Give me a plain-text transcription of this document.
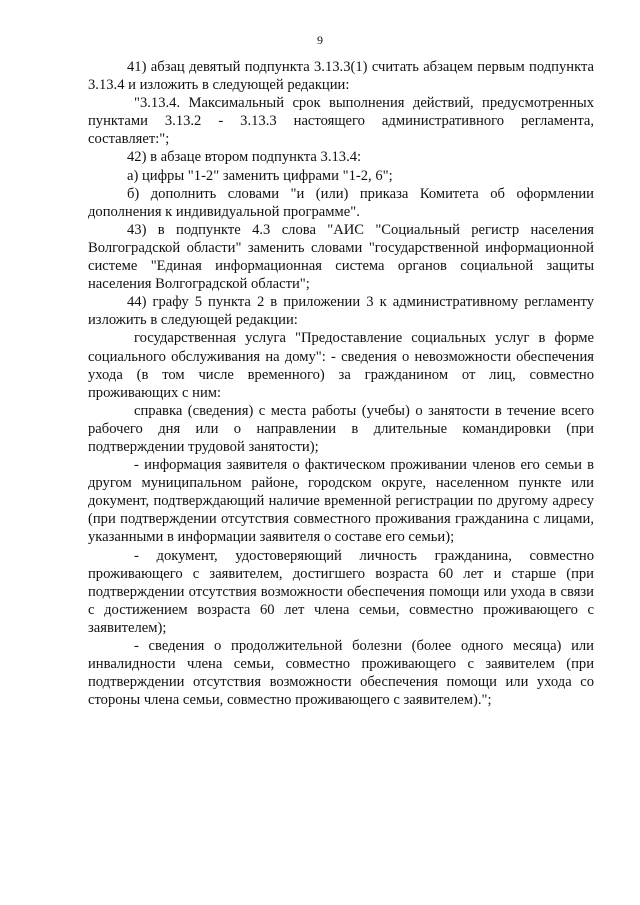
9

41) абзац девятый подпункта 3.13.3(1) считать абзацем первым подпункта 3.13.4 и изложить в следующей редакции:

"3.13.4. Максимальный срок выполнения действий, предусмотренных пунктами 3.13.2 - 3.13.3 настоящего административного регламента, составляет:";

42) в абзаце втором подпункта 3.13.4:

а) цифры "1-2" заменить цифрами "1-2, 6";

б) дополнить словами "и (или) приказа Комитета об оформлении дополнения к индивидуальной программе".

43) в подпункте 4.3 слова "АИС "Социальный регистр населения Волгоградской области" заменить словами "государственной информационной системе "Единая информационная система органов социальной защиты населения Волгоградской области";

44) графу 5 пункта 2 в приложении 3 к административному регламенту изложить в следующей редакции:

государственная услуга "Предоставление социальных услуг в форме социального обслуживания на дому": - сведения о невозможности обеспечения ухода (в том числе временного) за гражданином от лиц, совместно проживающих с ним:

справка (сведения) с места работы (учебы) о занятости в течение всего рабочего дня или о направлении в длительные командировки (при подтверждении трудовой занятости);

- информация заявителя о фактическом проживании членов его семьи в другом муниципальном районе, городском округе, населенном пункте или документ, подтверждающий наличие временной регистрации по другому адресу (при подтверждении отсутствия совместного проживания гражданина с лицами, указанными в информации заявителя о составе его семьи);

- документ, удостоверяющий личность гражданина, совместно проживающего с заявителем, достигшего возраста 60 лет и старше (при подтверждении отсутствия возможности обеспечения помощи или ухода в связи с достижением возраста 60 лет члена семьи, совместно проживающего с заявителем);

- сведения о продолжительной болезни (более одного месяца) или инвалидности члена семьи, совместно проживающего с заявителем (при подтверждении отсутствия возможности обеспечения помощи или ухода со стороны члена семьи, совместно проживающего с заявителем).";
